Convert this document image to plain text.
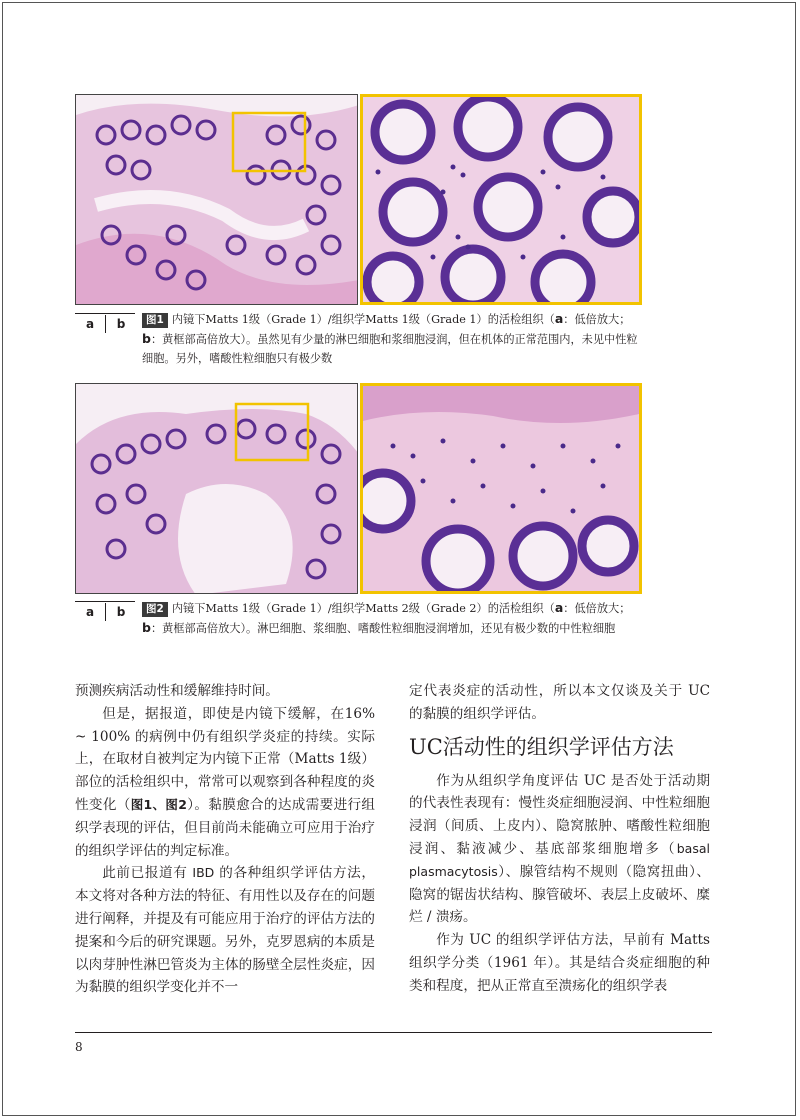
a	b	图1 内镜下Matts 1级（Grade 1）/组织学Matts 1级（Grade 1）的活检组织（a：低倍放大；b：黄框部高倍放大）。虽然见有少量的淋巴细胞和浆细胞浸润，但在机体的正常范围内，未见中性粒细胞。另外，嗜酸性粒细胞只有极少数
a	b	图2 内镜下Matts 1级（Grade 1）/组织学Matts 2级（Grade 2）的活检组织（a：低倍放大；b：黄框部高倍放大）。淋巴细胞、浆细胞、嗜酸性粒细胞浸润增加，还见有极少数的中性粒细胞

预测疾病活动性和缓解维持时间。

但是，据报道，即使是内镜下缓解，在16% ~ 100% 的病例中仍有组织学炎症的持续。实际上，在取材自被判定为内镜下正常（Matts 1级）部位的活检组织中，常常可以观察到各种程度的炎性变化（图1、图2）。黏膜愈合的达成需要进行组织学表现的评估，但目前尚未能确立可应用于治疗的组织学评估的判定标准。

此前已报道有 IBD 的各种组织学评估方法，本文将对各种方法的特征、有用性以及存在的问题进行阐释，并提及有可能应用于治疗的评估方法的提案和今后的研究课题。另外，克罗恩病的本质是以肉芽肿性淋巴管炎为主体的肠壁全层性炎症，因为黏膜的组织学变化并不一

定代表炎症的活动性，所以本文仅谈及关于 UC 的黏膜的组织学评估。

UC活动性的组织学评估方法

作为从组织学角度评估 UC 是否处于活动期的代表性表现有：慢性炎症细胞浸润、中性粒细胞浸润（间质、上皮内）、隐窝脓肿、嗜酸性粒细胞浸润、黏液减少、基底部浆细胞增多（basal plasmacytosis）、腺管结构不规则（隐窝扭曲）、隐窝的锯齿状结构、腺管破坏、表层上皮破坏、糜烂 / 溃疡。

作为 UC 的组织学评估方法，早前有 Matts 组织学分类（1961 年）。其是结合炎症细胞的种类和程度，把从正常直至溃疡化的组织学表

8
